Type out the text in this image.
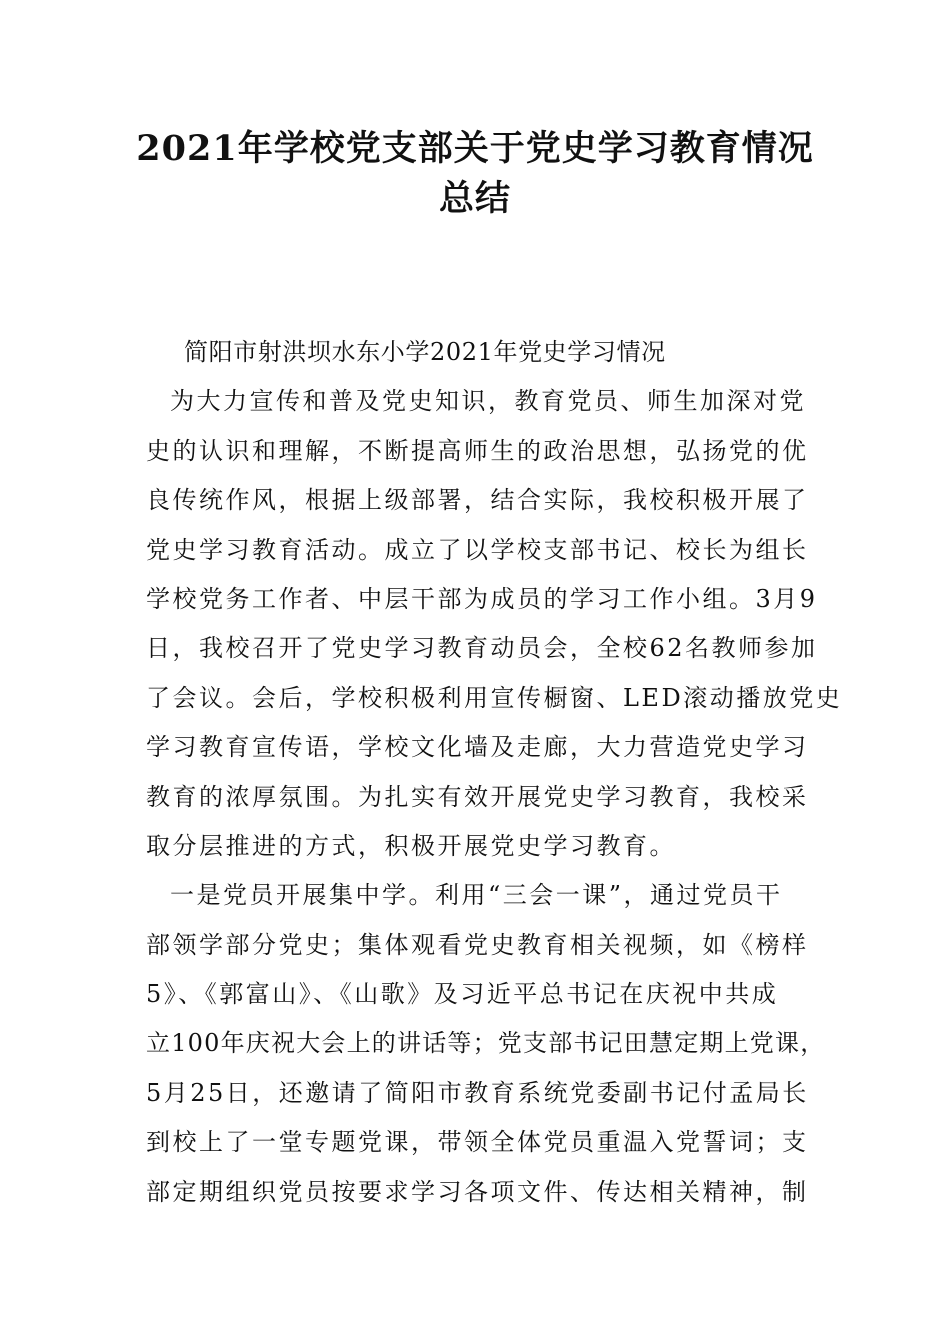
2021年学校党支部关于党史学习教育情况
总结
简阳市射洪坝水东小学2021年党史学习情况
为大力宣传和普及党史知识，教育党员、师生加深对党
史的认识和理解，不断提高师生的政治思想，弘扬党的优
良传统作风，根据上级部署，结合实际，我校积极开展了
党史学习教育活动。成立了以学校支部书记、校长为组长
学校党务工作者、中层干部为成员的学习工作小组。3月9
日，我校召开了党史学习教育动员会，全校62名教师参加
了会议。会后，学校积极利用宣传橱窗、LED滚动播放党史
学习教育宣传语，学校文化墙及走廊，大力营造党史学习
教育的浓厚氛围。为扎实有效开展党史学习教育，我校采
取分层推进的方式，积极开展党史学习教育。
一是党员开展集中学。利用“三会一课”，通过党员干
部领学部分党史；集体观看党史教育相关视频，如《榜样
5》、《郭富山》、《山歌》及习近平总书记在庆祝中共成
立100年庆祝大会上的讲话等；党支部书记田慧定期上党课，
5月25日，还邀请了简阳市教育系统党委副书记付孟局长
到校上了一堂专题党课，带领全体党员重温入党誓词；支
部定期组织党员按要求学习各项文件、传达相关精神，制
